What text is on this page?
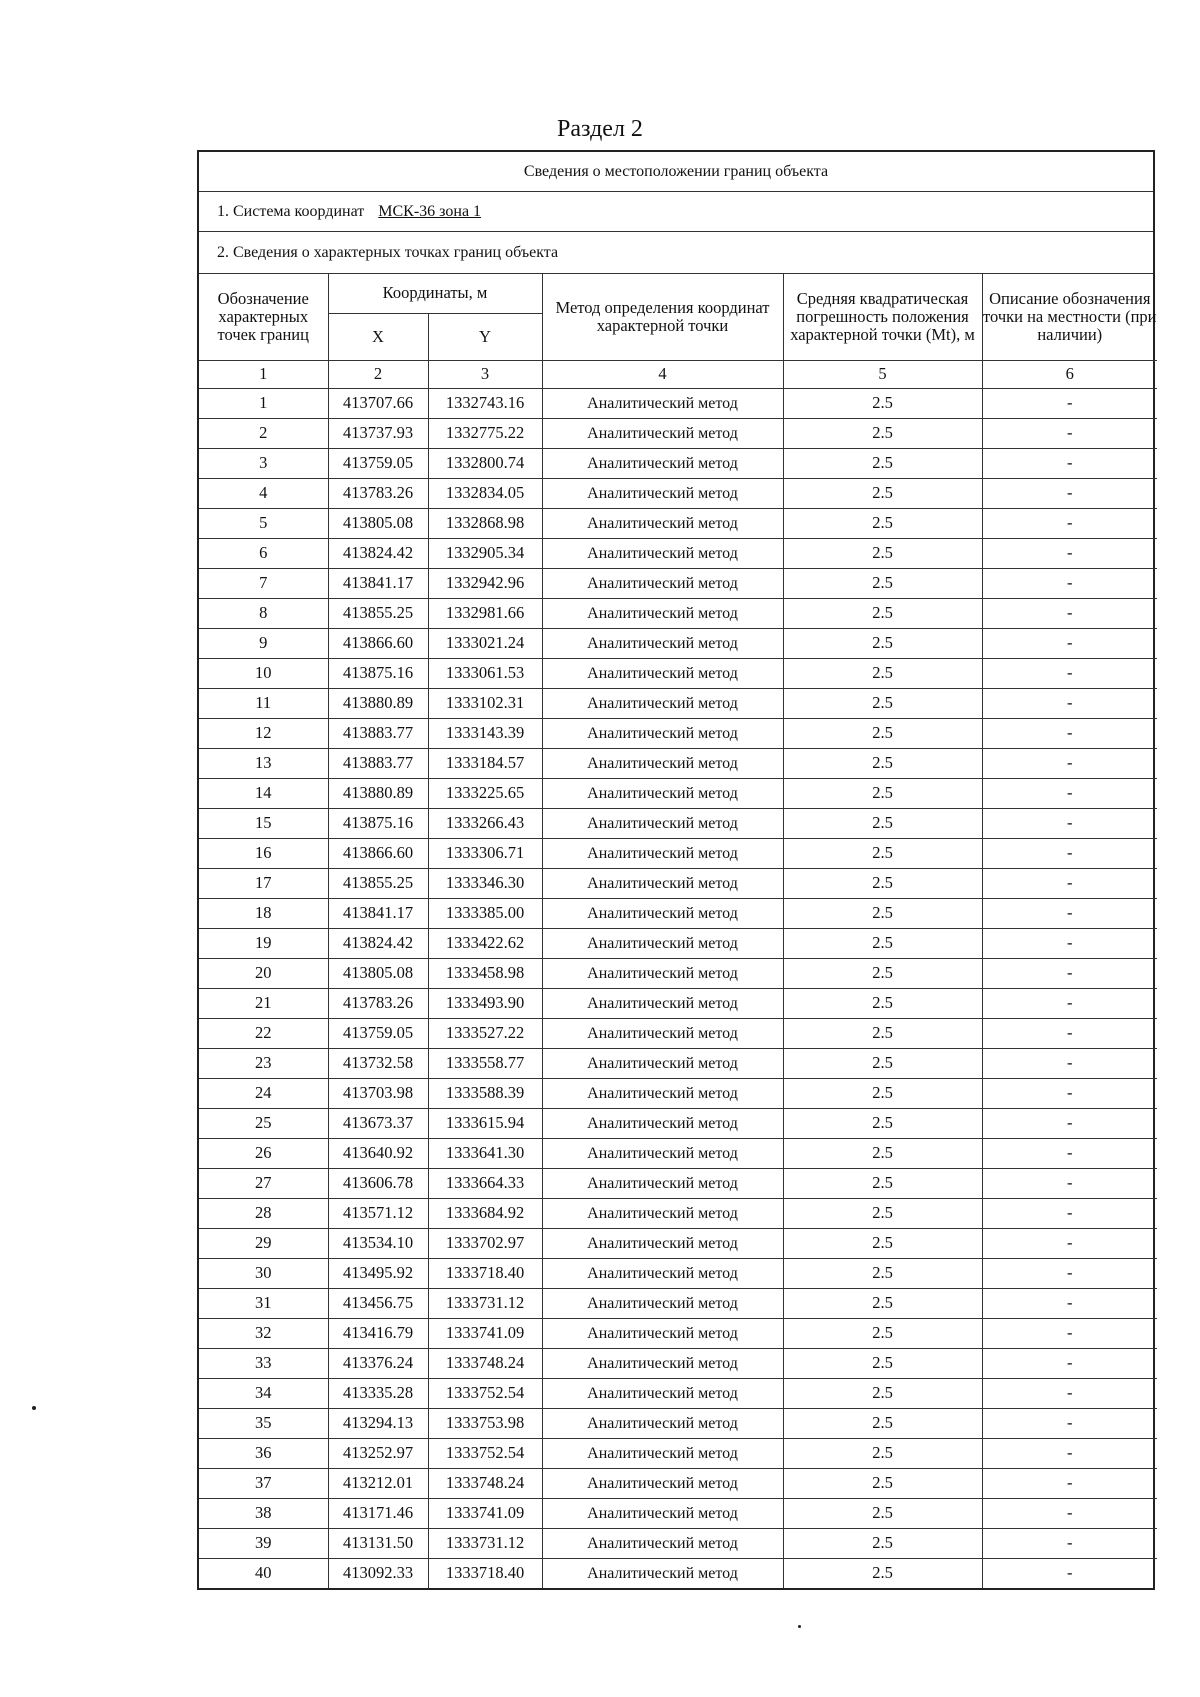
Раздел 2
Сведения о местоположении границ объекта
1. Система координат МСК-36 зона 1
2. Сведения о характерных точках границ объекта
Обозначение характерных точек границ	Координаты, м		Метод определения координат характерной точки	Средняя квадратическая погрешность положения характерной точки (Mt), м	Описание обозначения точки на местности (при наличии)
	X	Y			
1	2	3	4	5	6
1	413707.66	1332743.16	Аналитический метод	2.5	-
2	413737.93	1332775.22	Аналитический метод	2.5	-
3	413759.05	1332800.74	Аналитический метод	2.5	-
4	413783.26	1332834.05	Аналитический метод	2.5	-
5	413805.08	1332868.98	Аналитический метод	2.5	-
6	413824.42	1332905.34	Аналитический метод	2.5	-
7	413841.17	1332942.96	Аналитический метод	2.5	-
8	413855.25	1332981.66	Аналитический метод	2.5	-
9	413866.60	1333021.24	Аналитический метод	2.5	-
10	413875.16	1333061.53	Аналитический метод	2.5	-
11	413880.89	1333102.31	Аналитический метод	2.5	-
12	413883.77	1333143.39	Аналитический метод	2.5	-
13	413883.77	1333184.57	Аналитический метод	2.5	-
14	413880.89	1333225.65	Аналитический метод	2.5	-
15	413875.16	1333266.43	Аналитический метод	2.5	-
16	413866.60	1333306.71	Аналитический метод	2.5	-
17	413855.25	1333346.30	Аналитический метод	2.5	-
18	413841.17	1333385.00	Аналитический метод	2.5	-
19	413824.42	1333422.62	Аналитический метод	2.5	-
20	413805.08	1333458.98	Аналитический метод	2.5	-
21	413783.26	1333493.90	Аналитический метод	2.5	-
22	413759.05	1333527.22	Аналитический метод	2.5	-
23	413732.58	1333558.77	Аналитический метод	2.5	-
24	413703.98	1333588.39	Аналитический метод	2.5	-
25	413673.37	1333615.94	Аналитический метод	2.5	-
26	413640.92	1333641.30	Аналитический метод	2.5	-
27	413606.78	1333664.33	Аналитический метод	2.5	-
28	413571.12	1333684.92	Аналитический метод	2.5	-
29	413534.10	1333702.97	Аналитический метод	2.5	-
30	413495.92	1333718.40	Аналитический метод	2.5	-
31	413456.75	1333731.12	Аналитический метод	2.5	-
32	413416.79	1333741.09	Аналитический метод	2.5	-
33	413376.24	1333748.24	Аналитический метод	2.5	-
34	413335.28	1333752.54	Аналитический метод	2.5	-
35	413294.13	1333753.98	Аналитический метод	2.5	-
36	413252.97	1333752.54	Аналитический метод	2.5	-
37	413212.01	1333748.24	Аналитический метод	2.5	-
38	413171.46	1333741.09	Аналитический метод	2.5	-
39	413131.50	1333731.12	Аналитический метод	2.5	-
40	413092.33	1333718.40	Аналитический метод	2.5	-
